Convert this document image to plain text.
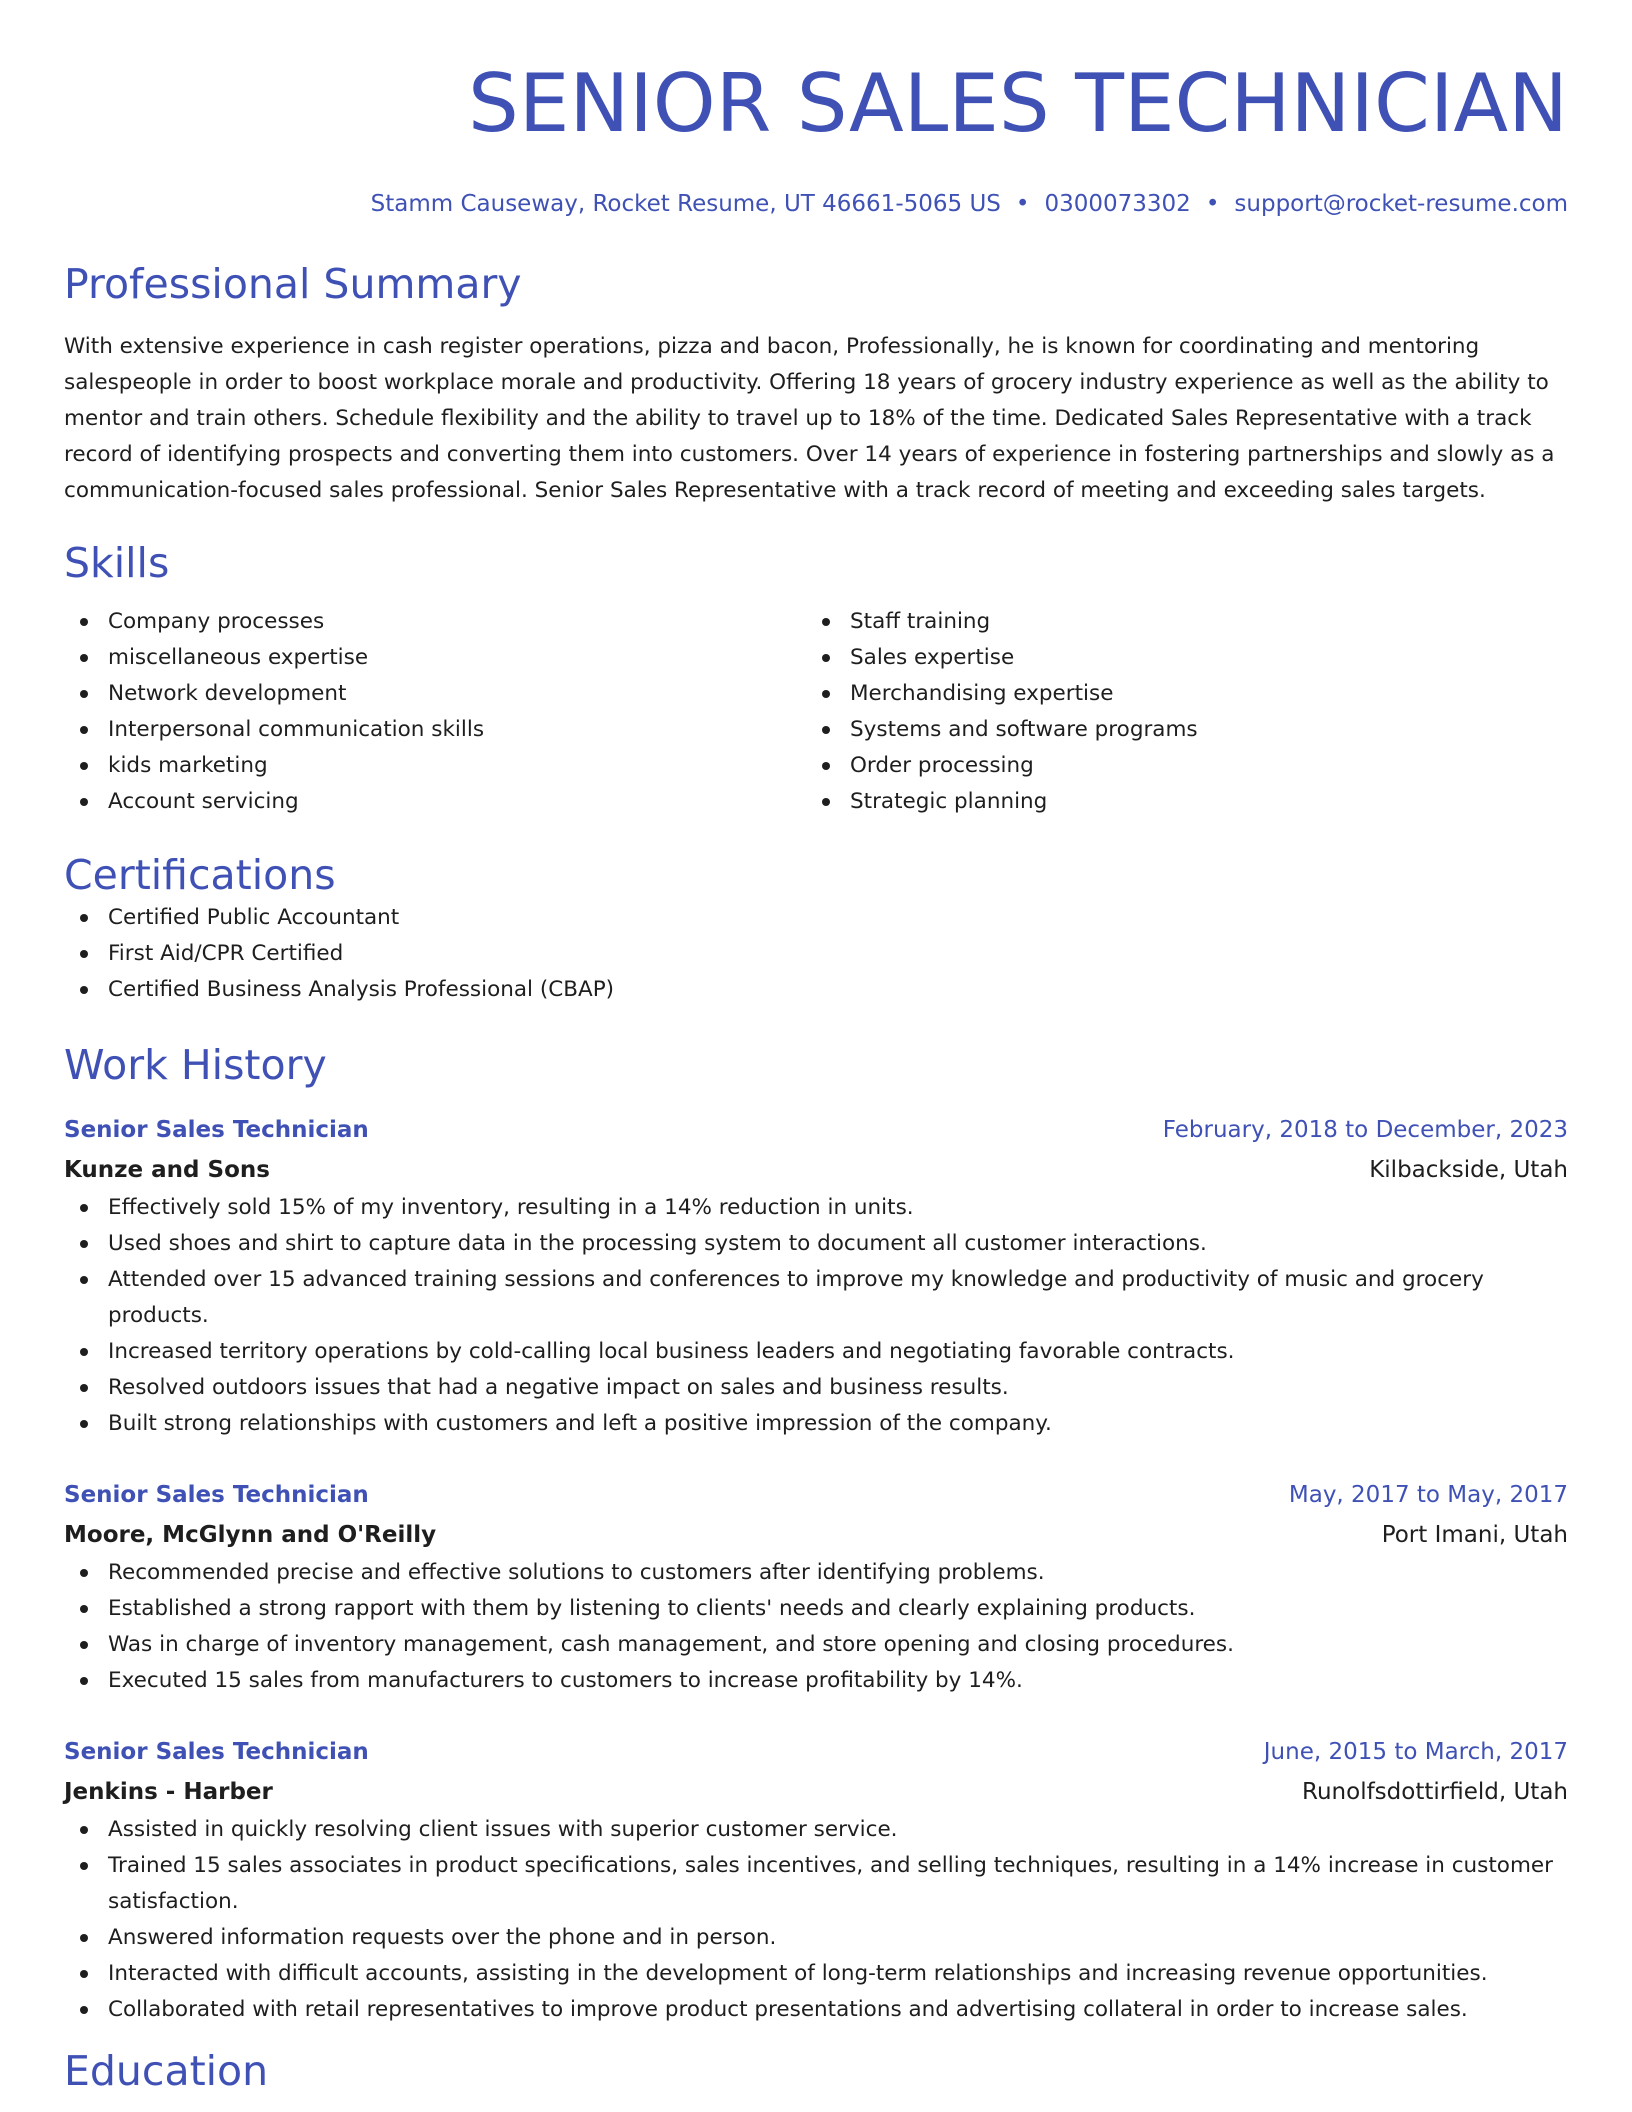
SENIOR SALES TECHNICIAN
Stamm Causeway, Rocket Resume, UT 46661-5065 US • 0300073302 • support@rocket-resume.com
Professional Summary
With extensive experience in cash register operations, pizza and bacon, Professionally, he is known for coordinating and mentoring salespeople in order to boost workplace morale and productivity. Offering 18 years of grocery industry experience as well as the ability to mentor and train others. Schedule flexibility and the ability to travel up to 18% of the time. Dedicated Sales Representative with a track record of identifying prospects and converting them into customers. Over 14 years of experience in fostering partnerships and slowly as a communication-focused sales professional. Senior Sales Representative with a track record of meeting and exceeding sales targets.
Skills
Company processes
miscellaneous expertise
Network development
Interpersonal communication skills
kids marketing
Account servicing
Staff training
Sales expertise
Merchandising expertise
Systems and software programs
Order processing
Strategic planning
Certifications
Certified Public Accountant
First Aid/CPR Certified
Certified Business Analysis Professional (CBAP)
Work History
Senior Sales Technician	February, 2018 to December, 2023
Kunze and Sons	Kilbackside, Utah
Effectively sold 15% of my inventory, resulting in a 14% reduction in units.
Used shoes and shirt to capture data in the processing system to document all customer interactions.
Attended over 15 advanced training sessions and conferences to improve my knowledge and productivity of music and grocery products.
Increased territory operations by cold-calling local business leaders and negotiating favorable contracts.
Resolved outdoors issues that had a negative impact on sales and business results.
Built strong relationships with customers and left a positive impression of the company.
Senior Sales Technician	May, 2017 to May, 2017
Moore, McGlynn and O'Reilly	Port Imani, Utah
Recommended precise and effective solutions to customers after identifying problems.
Established a strong rapport with them by listening to clients' needs and clearly explaining products.
Was in charge of inventory management, cash management, and store opening and closing procedures.
Executed 15 sales from manufacturers to customers to increase profitability by 14%.
Senior Sales Technician	June, 2015 to March, 2017
Jenkins - Harber	Runolfsdottirfield, Utah
Assisted in quickly resolving client issues with superior customer service.
Trained 15 sales associates in product specifications, sales incentives, and selling techniques, resulting in a 14% increase in customer satisfaction.
Answered information requests over the phone and in person.
Interacted with difficult accounts, assisting in the development of long-term relationships and increasing revenue opportunities.
Collaborated with retail representatives to improve product presentations and advertising collateral in order to increase sales.
Education
